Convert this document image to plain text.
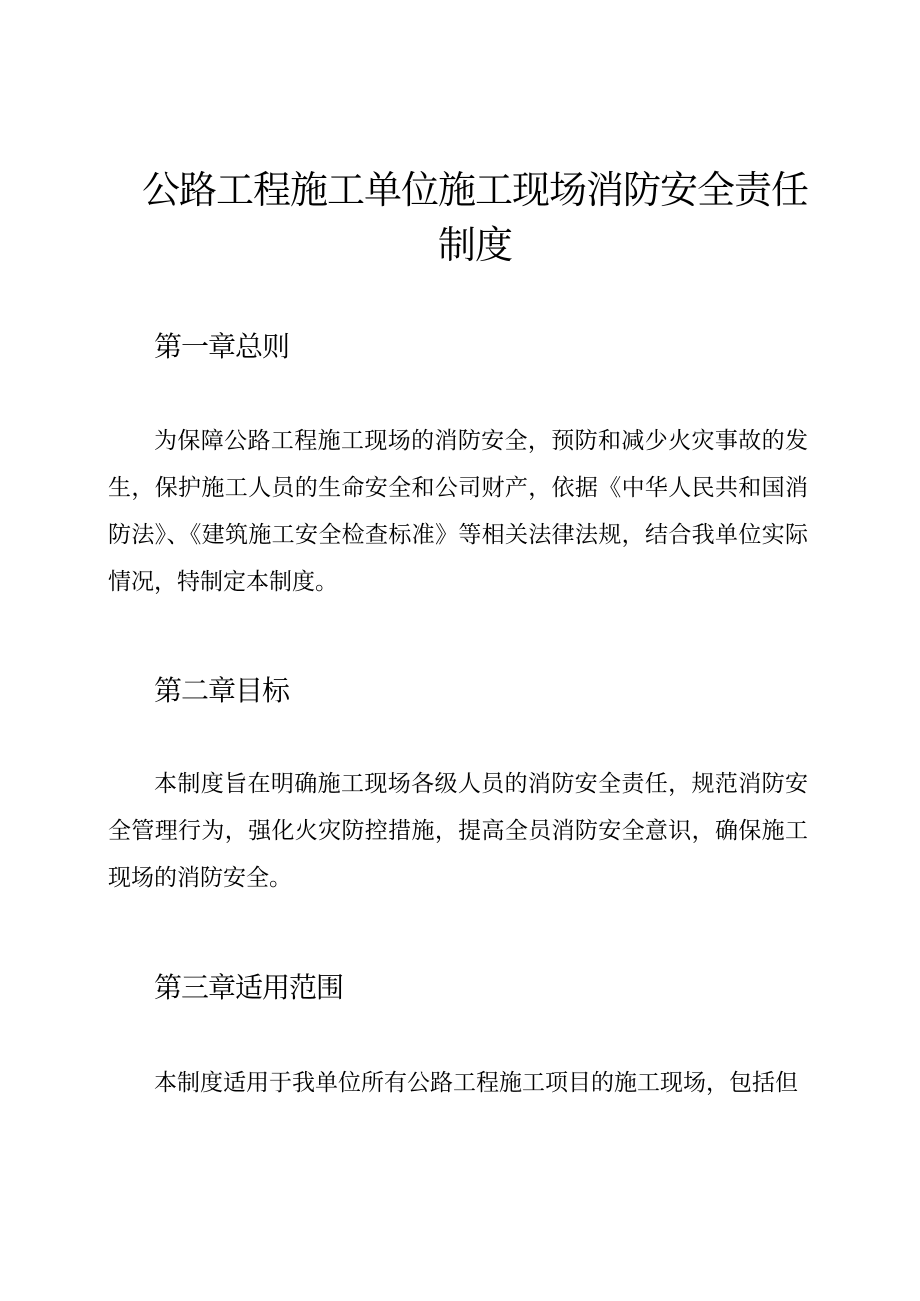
公路工程施工单位施工现场消防安全责任
制度
第一章总则

为保障公路工程施工现场的消防安全，预防和减少火灾事故的发生，保护施工人员的生命安全和公司财产，依据《中华人民共和国消防法》、《建筑施工安全检查标准》等相关法律法规，结合我单位实际情况，特制定本制度。

第二章目标

本制度旨在明确施工现场各级人员的消防安全责任，规范消防安全管理行为，强化火灾防控措施，提高全员消防安全意识，确保施工现场的消防安全。

第三章适用范围

本制度适用于我单位所有公路工程施工项目的施工现场，包括但
